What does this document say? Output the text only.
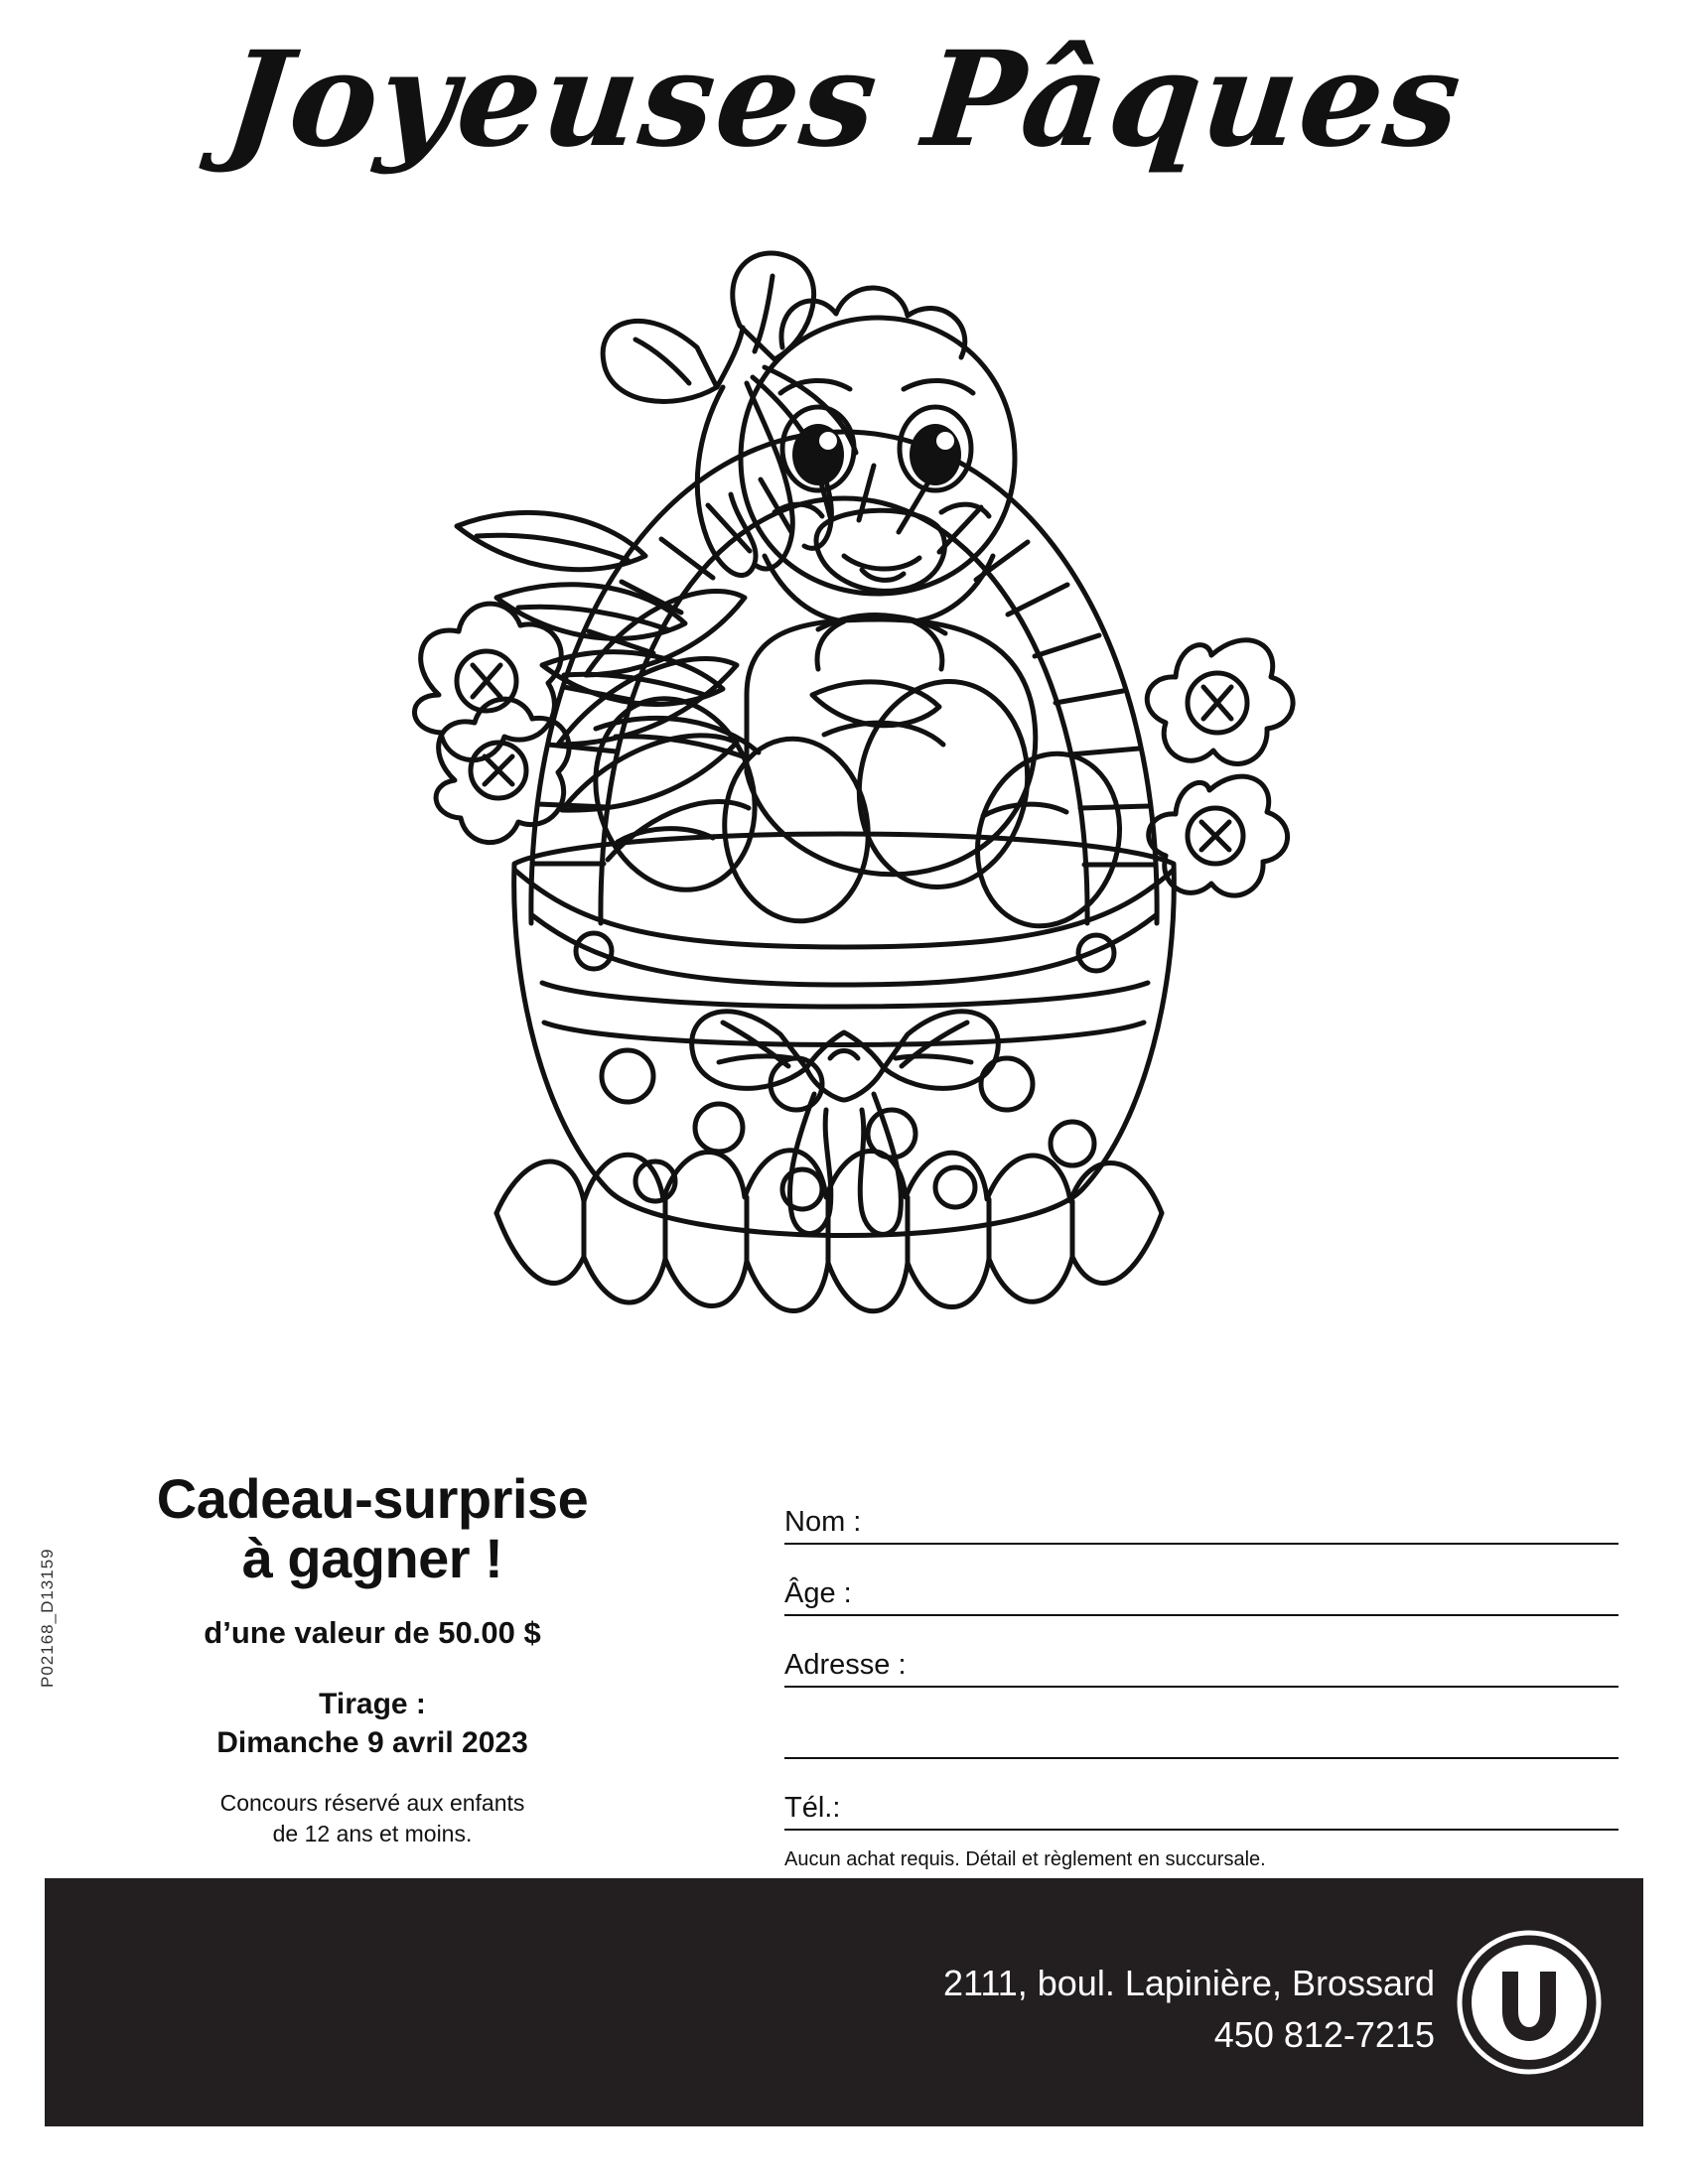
Joyeuses Pâques
Cadeau-surprise
à gagner !
d’une valeur de 50.00 $
Tirage :
Dimanche 9 avril 2023
Concours réservé aux enfants
de 12 ans et moins.
P02168_D13159
Nom :
Âge :
Adresse :
Tél.:
Aucun achat requis. Détail et règlement en succursale.
2111, boul. Lapinière, Brossard
450 812-7215
